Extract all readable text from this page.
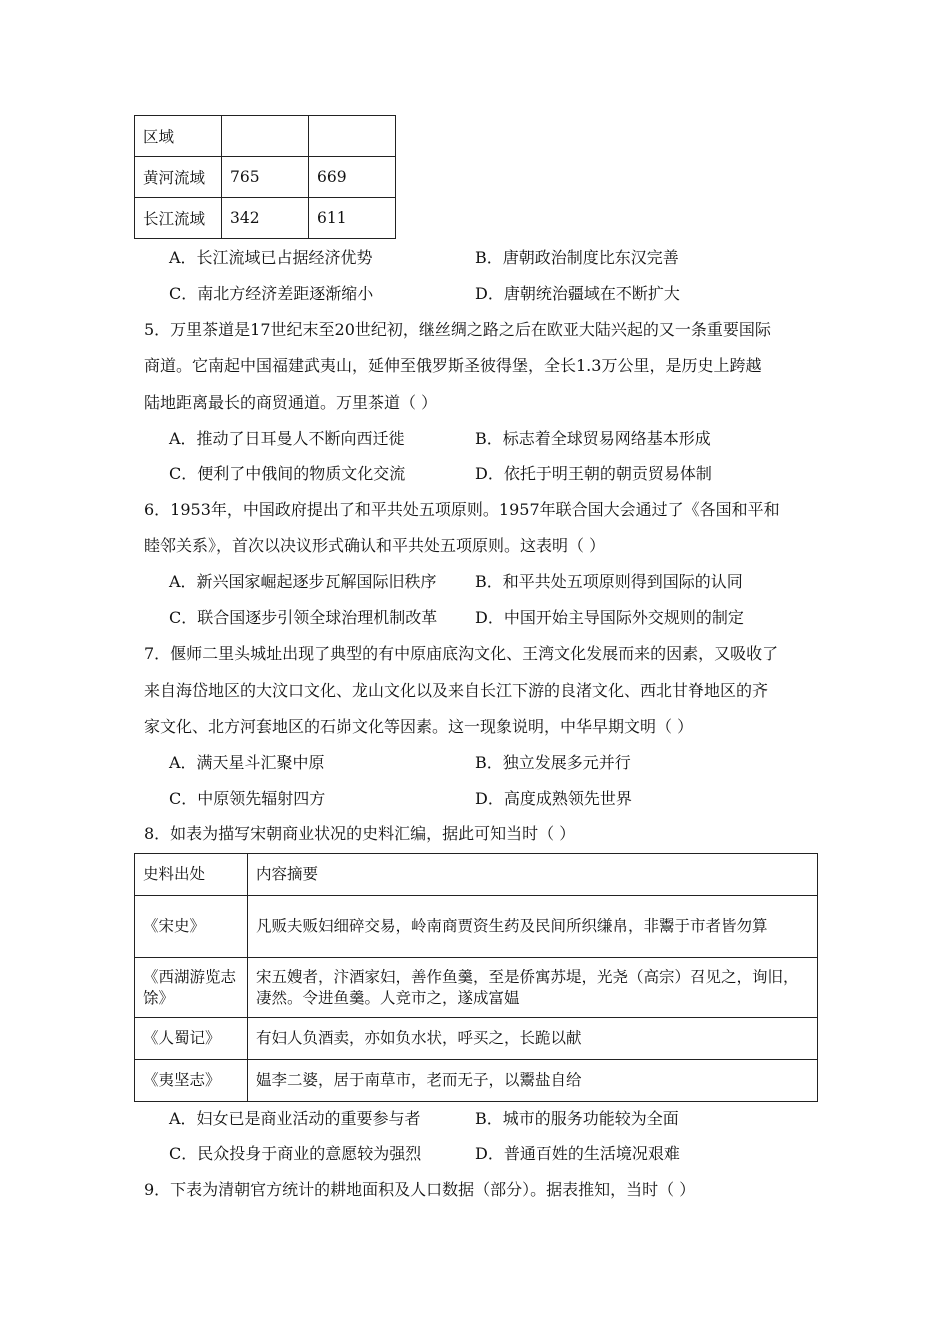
区域		
黄河流域	765	669
长江流域	342	611
A．长江流域已占据经济优势	B．唐朝政治制度比东汉完善
C．南北方经济差距逐渐缩小	D．唐朝统治疆域在不断扩大
5．万里茶道是17世纪末至20世纪初，继丝绸之路之后在欧亚大陆兴起的又一条重要国际
商道。它南起中国福建武夷山，延伸至俄罗斯圣彼得堡，全长1.3万公里，是历史上跨越
陆地距离最长的商贸通道。万里茶道（ ）
A．推动了日耳曼人不断向西迁徙	B．标志着全球贸易网络基本形成
C．便利了中俄间的物质文化交流	D．依托于明王朝的朝贡贸易体制
6．1953年，中国政府提出了和平共处五项原则。1957年联合国大会通过了《各国和平和
睦邻关系》，首次以决议形式确认和平共处五项原则。这表明（ ）
A．新兴国家崛起逐步瓦解国际旧秩序 B．和平共处五项原则得到国际的认同
C．联合国逐步引领全球治理机制改革 D．中国开始主导国际外交规则的制定
7．偃师二里头城址出现了典型的有中原庙底沟文化、王湾文化发展而来的因素，又吸收了
来自海岱地区的大汶口文化、龙山文化以及来自长江下游的良渚文化、西北甘脊地区的齐
家文化、北方河套地区的石峁文化等因素。这一现象说明，中华早期文明（ ）
A．满天星斗汇聚中原	B．独立发展多元并行
C．中原领先辐射四方	D．高度成熟领先世界
8．如表为描写宋朝商业状况的史料汇编，据此可知当时（ ）
史料出处	内容摘要
《宋史》	凡贩夫贩妇细碎交易，岭南商贾资生药及民间所织缣帛，非鬻于市者皆勿算
《西湖游览志馀》	宋五嫂者，汴酒家妇，善作鱼羹，至是侨寓苏堤，光尧（高宗）召见之，询旧，凄然。令进鱼羹。人竞市之，遂成富媪
《人蜀记》	有妇人负酒卖，亦如负水状，呼买之，长跪以献
《夷坚志》	媪李二婆，居于南草市，老而无子，以鬻盐自给
A．妇女已是商业活动的重要参与者	B．城市的服务功能较为全面
C．民众投身于商业的意愿较为强烈	D．普通百姓的生活境况艰难
9．下表为清朝官方统计的耕地面积及人口数据（部分）。据表推知，当时（ ）
